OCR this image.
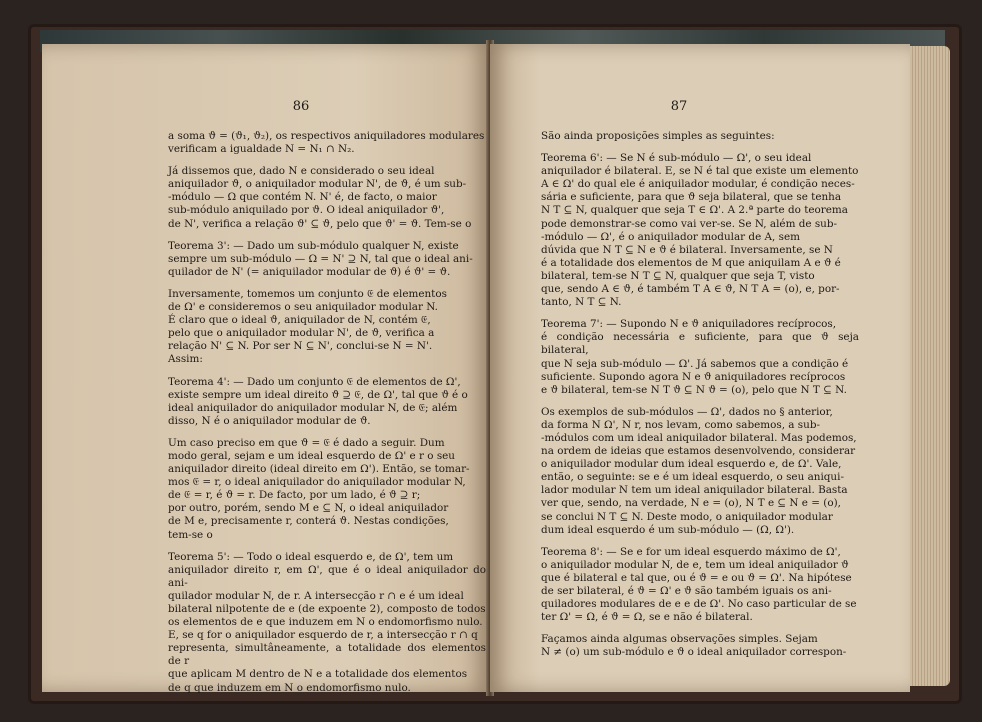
86
a soma ϑ = (ϑ₁, ϑ₂), os respectivos aniquiladores modulares
verificam a igualdade N = N₁ ∩ N₂.
Já dissemos que, dado N e considerado o seu ideal
aniquilador ϑ, o aniquilador modular N', de ϑ, é um sub-
-módulo — Ω que contém N. N' é, de facto, o maior
sub-módulo aniquilado por ϑ. O ideal aniquilador ϑ',
de N', verifica a relação ϑ' ⊆ ϑ, pelo que ϑ' = ϑ. Tem-se o
Teorema 3': — Dado um sub-módulo qualquer N, existe
sempre um sub-módulo — Ω = N' ⊇ N, tal que o ideal ani-
quilador de N' (= aniquilador modular de ϑ) é ϑ' = ϑ.
Inversamente, tomemos um conjunto 𝔈 de elementos
de Ω' e consideremos o seu aniquilador modular N.
É claro que o ideal ϑ, aniquilador de N, contém 𝔈,
pelo que o aniquilador modular N', de ϑ, verifica a
relação N' ⊆ N. Por ser N ⊆ N', conclui-se N = N'.
Assim:
Teorema 4': — Dado um conjunto 𝔈 de elementos de Ω',
existe sempre um ideal direito ϑ ⊇ 𝔈, de Ω', tal que ϑ é o
ideal aniquilador do aniquilador modular N, de 𝔈; além
disso, N é o aniquilador modular de ϑ.
Um caso preciso em que ϑ = 𝔈 é dado a seguir. Dum
modo geral, sejam e um ideal esquerdo de Ω' e r o seu
aniquilador direito (ideal direito em Ω'). Então, se tomar-
mos 𝔈 = r, o ideal aniquilador do aniquilador modular N,
de 𝔈 = r, é ϑ = r. De facto, por um lado, é ϑ ⊇ r;
por outro, porém, sendo M e ⊆ N, o ideal aniquilador
de M e, precisamente r, conterá ϑ. Nestas condições,
tem-se o
Teorema 5': — Todo o ideal esquerdo e, de Ω', tem um
aniquilador direito r, em Ω', que é o ideal aniquilador do ani-
quilador modular N, de r. A intersecção r ∩ e é um ideal
bilateral nilpotente de e (de expoente 2), composto de todos
os elementos de e que induzem em N o endomorfismo nulo.
E, se q for o aniquilador esquerdo de r, a intersecção r ∩ q
representa, simultâneamente, a totalidade dos elementos de r
que aplicam M dentro de N e a totalidade dos elementos
de q que induzem em N o endomorfismo nulo.
87
São ainda proposições simples as seguintes:
Teorema 6': — Se N é sub-módulo — Ω', o seu ideal
aniquilador é bilateral. E, se N é tal que existe um elemento
A ∈ Ω' do qual ele é aniquilador modular, é condição neces-
sária e suficiente, para que ϑ seja bilateral, que se tenha
N T ⊆ N, qualquer que seja T ∈ Ω'. A 2.ª parte do teorema
pode demonstrar-se como vai ver-se. Se N, além de sub-
-módulo — Ω', é o aniquilador modular de A, sem
dúvida que N T ⊆ N e ϑ é bilateral. Inversamente, se N
é a totalidade dos elementos de M que aniquilam A e ϑ é
bilateral, tem-se N T ⊆ N, qualquer que seja T, visto
que, sendo A ∈ ϑ, é também T A ∈ ϑ, N T A = (o), e, por-
tanto, N T ⊆ N.
Teorema 7': — Supondo N e ϑ aniquiladores recíprocos,
é condição necessária e suficiente, para que ϑ seja bilateral,
que N seja sub-módulo — Ω'. Já sabemos que a condição é
suficiente. Supondo agora N e ϑ aniquiladores recíprocos
e ϑ bilateral, tem-se N T ϑ ⊆ N ϑ = (o), pelo que N T ⊆ N.
Os exemplos de sub-módulos — Ω', dados no § anterior,
da forma N Ω', N r, nos levam, como sabemos, a sub-
-módulos com um ideal aniquilador bilateral. Mas podemos,
na ordem de ideias que estamos desenvolvendo, considerar
o aniquilador modular dum ideal esquerdo e, de Ω'. Vale,
então, o seguinte: se e é um ideal esquerdo, o seu aniqui-
lador modular N tem um ideal aniquilador bilateral. Basta
ver que, sendo, na verdade, N e = (o), N T e ⊆ N e = (o),
se conclui N T ⊆ N. Deste modo, o aniquilador modular
dum ideal esquerdo é um sub-módulo — (Ω, Ω').
Teorema 8': — Se e for um ideal esquerdo máximo de Ω',
o aniquilador modular N, de e, tem um ideal aniquilador ϑ
que é bilateral e tal que, ou é ϑ = e ou ϑ = Ω'. Na hipótese
de ser bilateral, é ϑ = Ω' e ϑ são também iguais os ani-
quiladores modulares de e e de Ω'. No caso particular de se
ter Ω' = Ω, é ϑ = Ω, se e não é bilateral.
Façamos ainda algumas observações simples. Sejam
N ≠ (o) um sub-módulo e ϑ o ideal aniquilador correspon-
